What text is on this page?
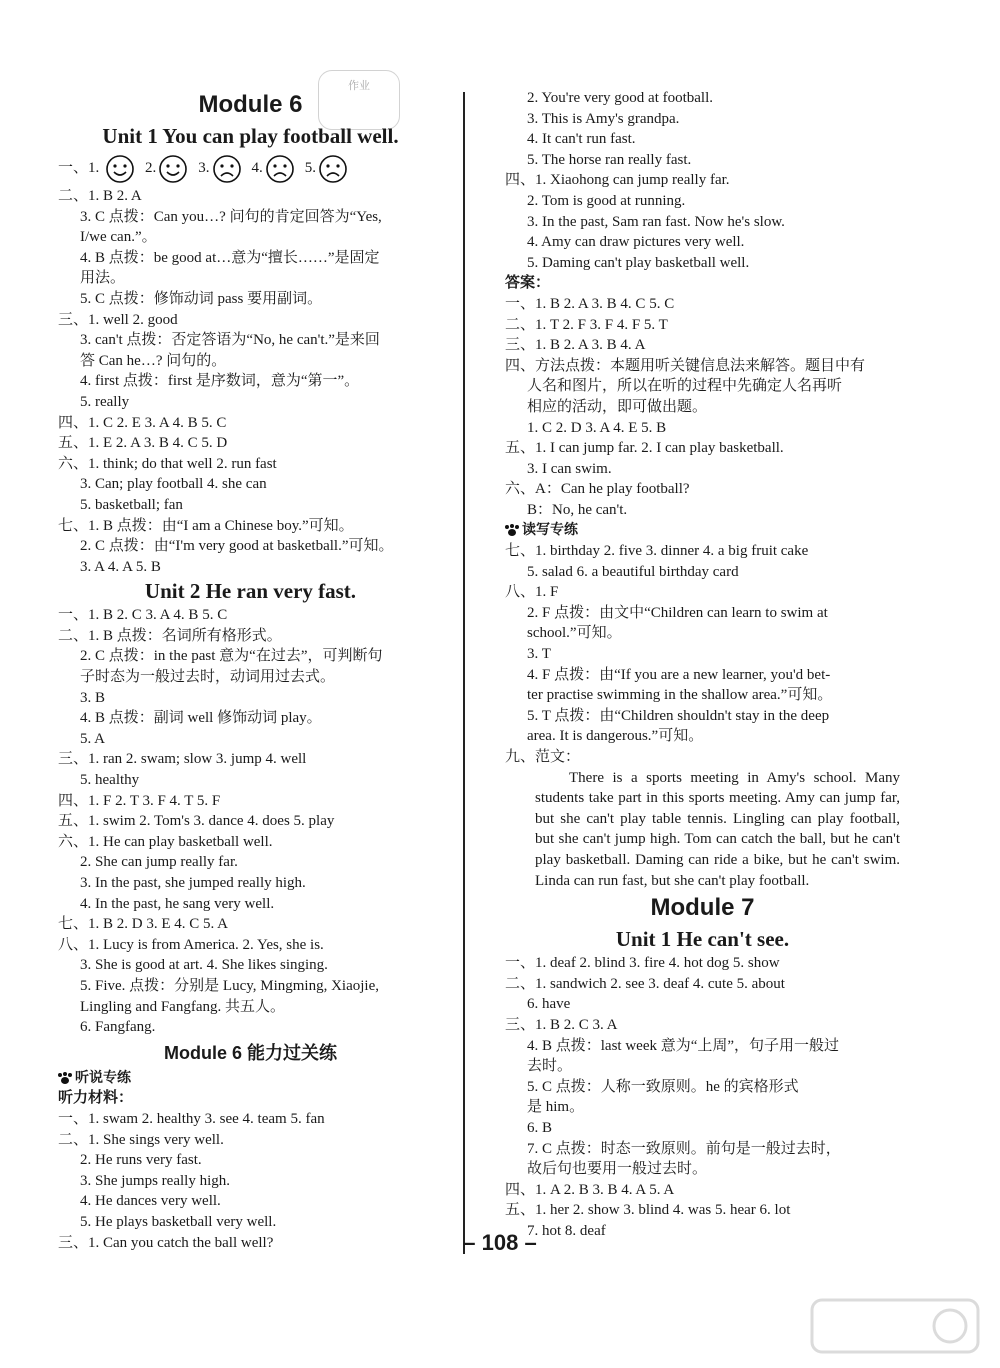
作业
Module 6
Unit 1 You can play football well.
一、1.	2.	3.	4.	5.
二、1. B 2. A
3. C 点拨：Can you…? 问句的肯定回答为“Yes,
I/we can.”。
4. B 点拨：be good at…意为“擅长……”是固定
用法。
5. C 点拨：修饰动词 pass 要用副词。
三、1. well 2. good
3. can't 点拨：否定答语为“No, he can't.”是来回
答 Can he…? 问句的。
4. first 点拨：first 是序数词，意为“第一”。
5. really
四、1. C 2. E 3. A 4. B 5. C
五、1. E 2. A 3. B 4. C 5. D
六、1. think; do that well 2. run fast
3. Can; play football 4. she can
5. basketball; fan
七、1. B 点拨：由“I am a Chinese boy.”可知。
2. C 点拨：由“I'm very good at basketball.”可知。
3. A 4. A 5. B
Unit 2 He ran very fast.
一、1. B 2. C 3. A 4. B 5. C
二、1. B 点拨：名词所有格形式。
2. C 点拨：in the past 意为“在过去”，可判断句
子时态为一般过去时，动词用过去式。
3. B
4. B 点拨：副词 well 修饰动词 play。
5. A
三、1. ran 2. swam; slow 3. jump 4. well
5. healthy
四、1. F 2. T 3. F 4. T 5. F
五、1. swim 2. Tom's 3. dance 4. does 5. play
六、1. He can play basketball well.
2. She can jump really far.
3. In the past, she jumped really high.
4. In the past, he sang very well.
七、1. B 2. D 3. E 4. C 5. A
八、1. Lucy is from America. 2. Yes, she is.
3. She is good at art. 4. She likes singing.
5. Five. 点拨：分别是 Lucy, Mingming, Xiaojie,
Lingling and Fangfang. 共五人。
6. Fangfang.
Module 6 能力过关练
听说专练
听力材料：
一、1. swam 2. healthy 3. see 4. team 5. fan
二、1. She sings very well.
2. He runs very fast.
3. She jumps really high.
4. He dances very well.
5. He plays basketball very well.
三、1. Can you catch the ball well?
2. You're very good at football.
3. This is Amy's grandpa.
4. It can't run fast.
5. The horse ran really fast.
四、1. Xiaohong can jump really far.
2. Tom is good at running.
3. In the past, Sam ran fast. Now he's slow.
4. Amy can draw pictures very well.
5. Daming can't play basketball well.
答案：
一、1. B 2. A 3. B 4. C 5. C
二、1. T 2. F 3. F 4. F 5. T
三、1. B 2. A 3. B 4. A
四、方法点拨：本题用听关键信息法来解答。题目中有
人名和图片，所以在听的过程中先确定人名再听
相应的活动，即可做出题。
1. C 2. D 3. A 4. E 5. B
五、1. I can jump far. 2. I can play basketball.
3. I can swim.
六、A：Can he play football?
B：No, he can't.
读写专练
七、1. birthday 2. five 3. dinner 4. a big fruit cake
5. salad 6. a beautiful birthday card
八、1. F
2. F 点拨：由文中“Children can learn to swim at
school.”可知。
3. T
4. F 点拨：由“If you are a new learner, you'd bet-
ter practise swimming in the shallow area.”可知。
5. T 点拨：由“Children shouldn't stay in the deep
area. It is dangerous.”可知。
九、范文：

There is a sports meeting in Amy's school. Many students take part in this sports meeting. Amy can jump far, but she can't play table tennis. Lingling can play football, but she can't jump high. Tom can catch the ball, but he can't play basketball. Daming can ride a bike, but he can't swim. Linda can run fast, but she can't play football.

Module 7
Unit 1 He can't see.
一、1. deaf 2. blind 3. fire 4. hot dog 5. show
二、1. sandwich 2. see 3. deaf 4. cute 5. about
6. have
三、1. B 2. C 3. A
4. B 点拨：last week 意为“上周”，句子用一般过
去时。
5. C 点拨：人称一致原则。he 的宾格形式
是 him。
6. B
7. C 点拨：时态一致原则。前句是一般过去时，
故后句也要用一般过去时。
四、1. A 2. B 3. B 4. A 5. A
五、1. her 2. show 3. blind 4. was 5. hear 6. lot
7. hot 8. deaf
– 108 –
